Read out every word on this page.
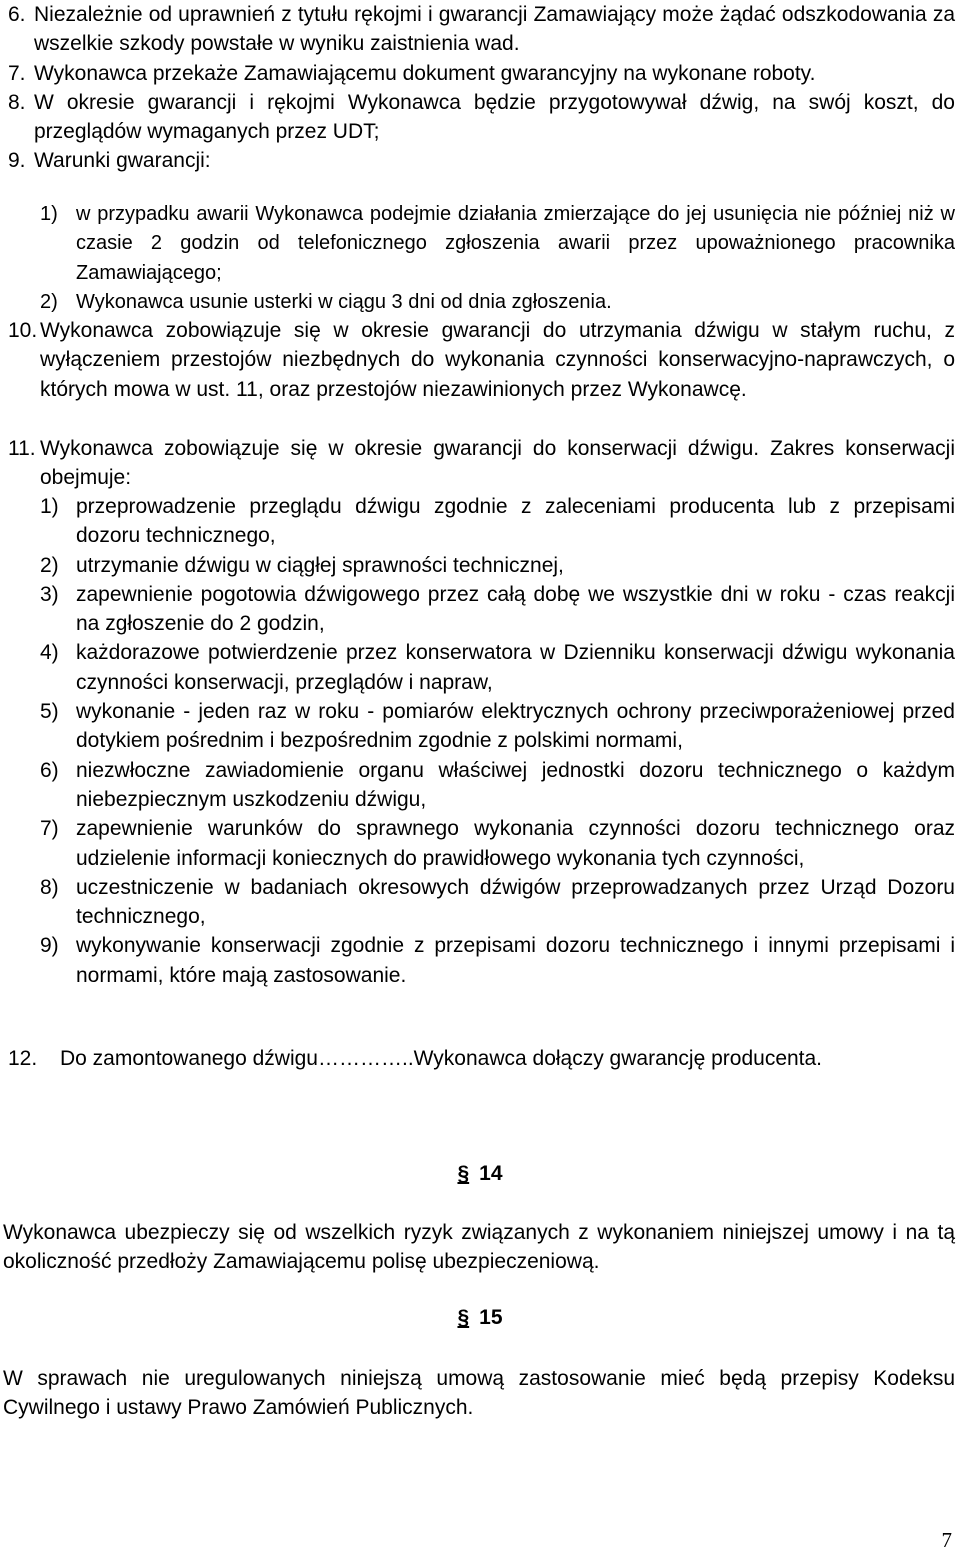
6. Niezależnie od uprawnień z tytułu rękojmi i gwarancji Zamawiający może żądać odszkodowania za wszelkie szkody powstałe w wyniku zaistnienia wad.
7. Wykonawca przekaże Zamawiającemu dokument gwarancyjny na wykonane roboty.
8. W okresie gwarancji i rękojmi Wykonawca będzie przygotowywał dźwig, na swój koszt, do przeglądów wymaganych przez UDT;
9. Warunki gwarancji:
1) w przypadku awarii Wykonawca podejmie działania zmierzające do jej usunięcia nie później niż w czasie 2 godzin od telefonicznego zgłoszenia awarii przez upoważnionego pracownika Zamawiającego;
2) Wykonawca usunie usterki w ciągu 3 dni od dnia zgłoszenia.
10. Wykonawca zobowiązuje się w okresie gwarancji do utrzymania dźwigu w stałym ruchu, z wyłączeniem przestojów niezbędnych do wykonania czynności konserwacyjno-naprawczych, o których mowa w ust. 11, oraz przestojów niezawinionych przez Wykonawcę.
11. Wykonawca zobowiązuje się w okresie gwarancji do konserwacji dźwigu. Zakres konserwacji obejmuje:
1) przeprowadzenie przeglądu dźwigu zgodnie z zaleceniami producenta lub z przepisami dozoru technicznego,
2) utrzymanie dźwigu w ciągłej sprawności technicznej,
3) zapewnienie pogotowia dźwigowego przez całą dobę we wszystkie dni w roku - czas reakcji na zgłoszenie do 2 godzin,
4) każdorazowe potwierdzenie przez konserwatora w Dzienniku konserwacji dźwigu wykonania czynności konserwacji, przeglądów i napraw,
5) wykonanie - jeden raz w roku - pomiarów elektrycznych ochrony przeciwporażeniowej przed dotykiem pośrednim i bezpośrednim zgodnie z polskimi normami,
6) niezwłoczne zawiadomienie organu właściwej jednostki dozoru technicznego o każdym niebezpiecznym uszkodzeniu dźwigu,
7) zapewnienie warunków do sprawnego wykonania czynności dozoru technicznego oraz udzielenie informacji koniecznych do prawidłowego wykonania tych czynności,
8) uczestniczenie w badaniach okresowych dźwigów przeprowadzanych przez Urząd Dozoru technicznego,
9) wykonywanie konserwacji zgodnie z przepisami dozoru technicznego i innymi przepisami i normami, które mają zastosowanie.
12.	Do zamontowanego dźwigu…………..Wykonawca dołączy gwarancję producenta.
§ 14

Wykonawca ubezpieczy się od wszelkich ryzyk związanych z wykonaniem niniejszej umowy i na tą okoliczność przedłoży Zamawiającemu polisę ubezpieczeniową.

§ 15

W sprawach nie uregulowanych niniejszą umową zastosowanie mieć będą przepisy Kodeksu Cywilnego i ustawy Prawo Zamówień Publicznych.

7
